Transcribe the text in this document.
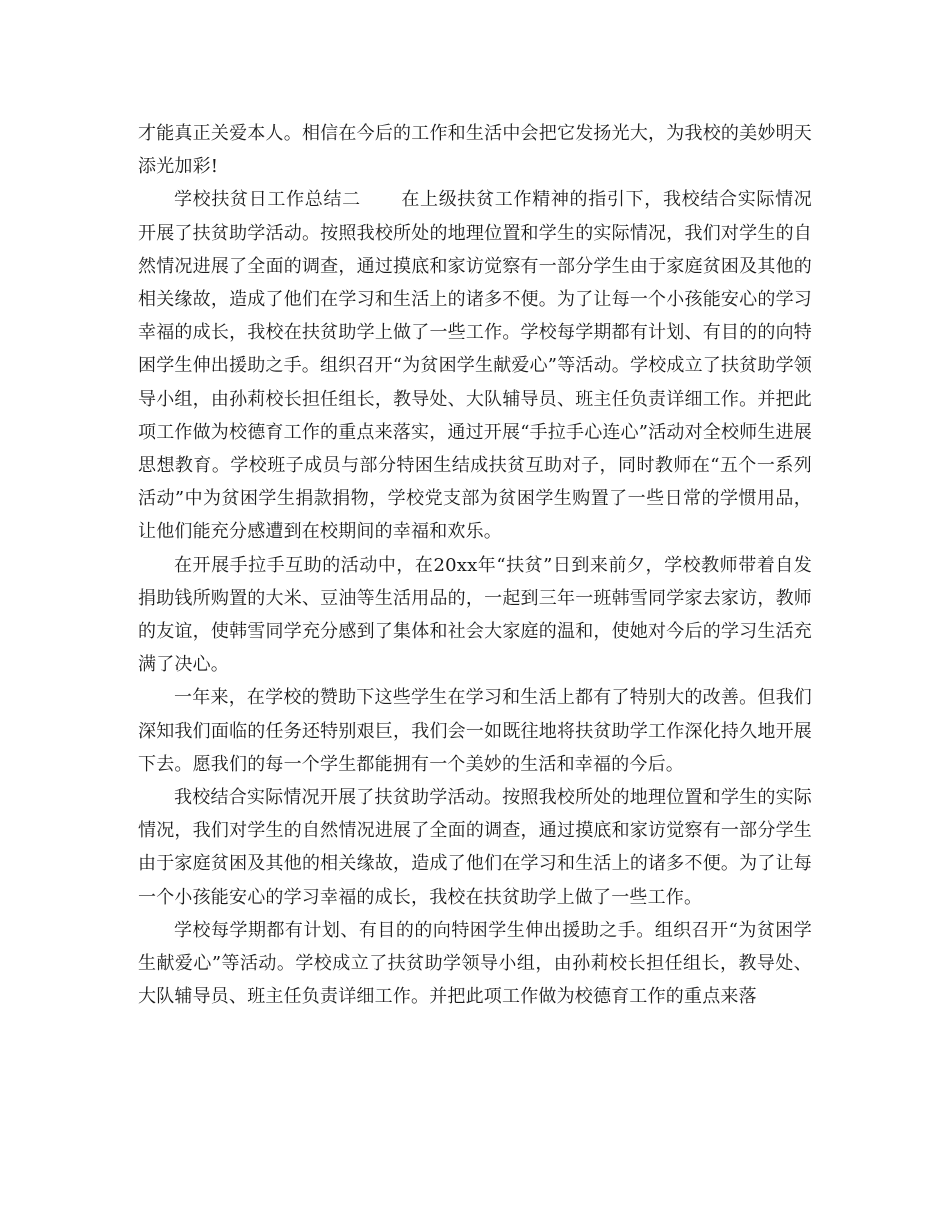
才能真正关爱本人。相信在今后的工作和生活中会把它发扬光大，为我校的美妙明天添光加彩!

学校扶贫日工作总结二 在上级扶贫工作精神的指引下，我校结合实际情况开展了扶贫助学活动。按照我校所处的地理位置和学生的实际情况，我们对学生的自然情况进展了全面的调查，通过摸底和家访觉察有一部分学生由于家庭贫困及其他的相关缘故，造成了他们在学习和生活上的诸多不便。为了让每一个小孩能安心的学习幸福的成长，我校在扶贫助学上做了一些工作。学校每学期都有计划、有目的的向特困学生伸出援助之手。组织召开“为贫困学生献爱心”等活动。学校成立了扶贫助学领导小组，由孙莉校长担任组长，教导处、大队辅导员、班主任负责详细工作。并把此项工作做为校德育工作的重点来落实，通过开展“手拉手心连心”活动对全校师生进展思想教育。学校班子成员与部分特困生结成扶贫互助对子，同时教师在“五个一系列活动”中为贫困学生捐款捐物，学校党支部为贫困学生购置了一些日常的学惯用品，让他们能充分感遭到在校期间的幸福和欢乐。

在开展手拉手互助的活动中，在20xx年“扶贫”日到来前夕，学校教师带着自发捐助钱所购置的大米、豆油等生活用品的，一起到三年一班韩雪同学家去家访，教师的友谊，使韩雪同学充分感到了集体和社会大家庭的温和，使她对今后的学习生活充满了决心。

一年来，在学校的赞助下这些学生在学习和生活上都有了特别大的改善。但我们深知我们面临的任务还特别艰巨，我们会一如既往地将扶贫助学工作深化持久地开展下去。愿我们的每一个学生都能拥有一个美妙的生活和幸福的今后。

我校结合实际情况开展了扶贫助学活动。按照我校所处的地理位置和学生的实际情况，我们对学生的自然情况进展了全面的调查，通过摸底和家访觉察有一部分学生由于家庭贫困及其他的相关缘故，造成了他们在学习和生活上的诸多不便。为了让每一个小孩能安心的学习幸福的成长，我校在扶贫助学上做了一些工作。

学校每学期都有计划、有目的的向特困学生伸出援助之手。组织召开“为贫困学生献爱心”等活动。学校成立了扶贫助学领导小组，由孙莉校长担任组长，教导处、大队辅导员、班主任负责详细工作。并把此项工作做为校德育工作的重点来落
